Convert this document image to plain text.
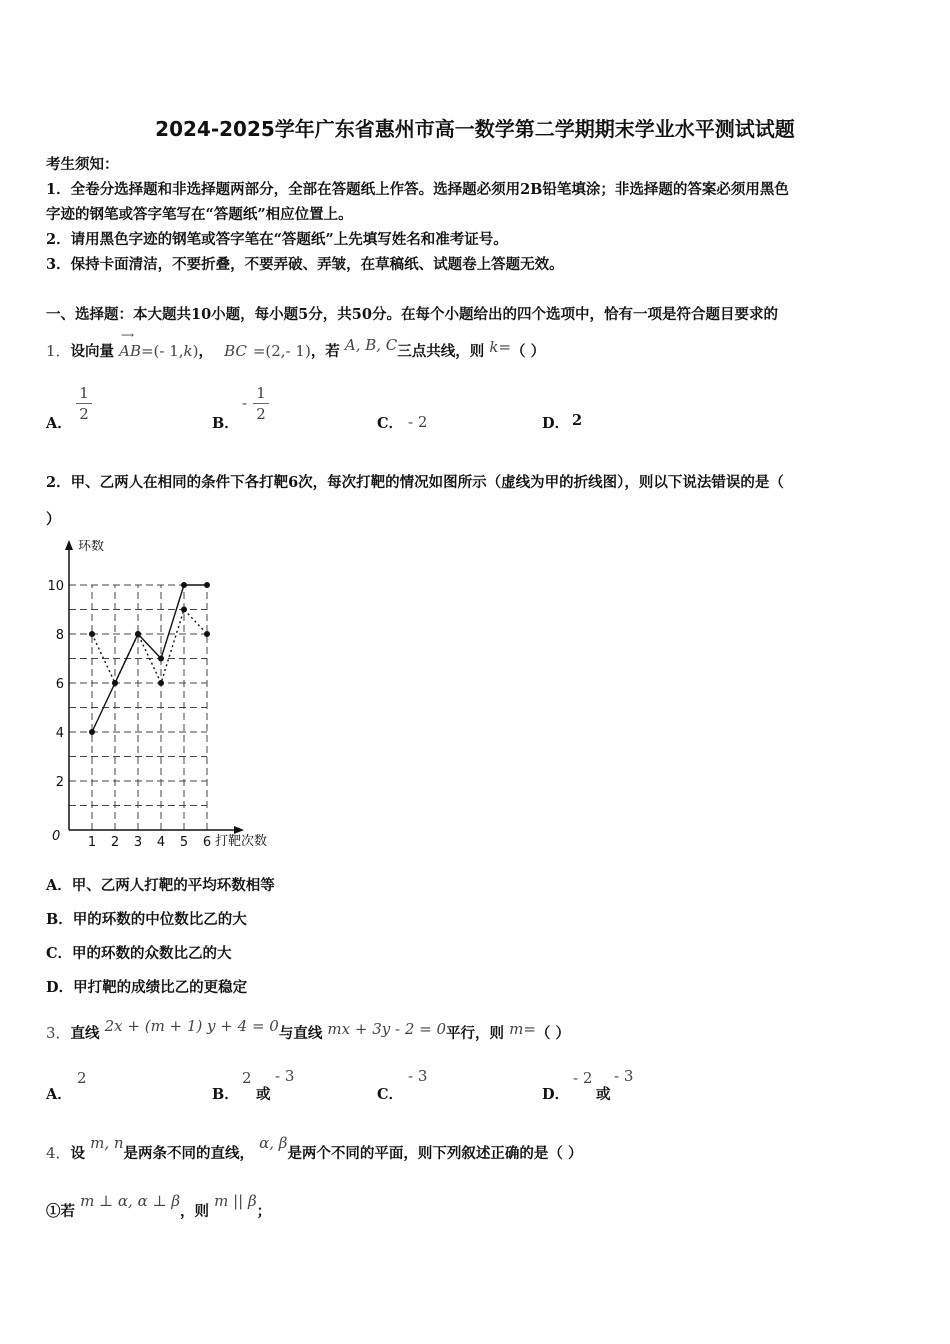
2024-2025学年广东省惠州市高一数学第二学期期末学业水平测试试题
考生须知：
1．全卷分选择题和非选择题两部分，全部在答题纸上作答。选择题必须用2B铅笔填涂；非选择题的答案必须用黑色
字迹的钢笔或答字笔写在“答题纸”相应位置上。
2．请用黑色字迹的钢笔或答字笔在“答题纸”上先填写姓名和准考证号。
3．保持卡面清洁，不要折叠，不要弄破、弄皱，在草稿纸、试题卷上答题无效。
一、选择题：本大题共10小题，每小题5分，共50分。在每个小题给出的四个选项中，恰有一项是符合题目要求的
1．设向量
⟶
AB=(- 1,k)， BC =(2,- 1)，若 A, B, C三点共线，则 k=（ ）
A．
1
2
B．
-
1
2
C． - 2	D． 2
2．甲、乙两人在相同的条件下各打靶6次，每次打靶的情况如图所示（虚线为甲的折线图），则以下说法错误的是（
）
环数
打靶次数
0
2
4
6
8
10
1 2 3 4 5 6
A．甲、乙两人打靶的平均环数相等
B．甲的环数的中位数比乙的大
C．甲的环数的众数比乙的大
D．甲打靶的成绩比乙的更稳定
3．直线 2x + (m + 1) y + 4 = 0与直线 mx + 3y - 2 = 0平行，则 m=（ ）
A．
2
B．
2
或
- 3
C．
- 3
D．
- 2
或
- 3
4．设 m, n是两条不同的直线， α, β是两个不同的平面，则下列叙述正确的是（ ）
①若 m ⊥ α, α ⊥ β，则 m || β；
